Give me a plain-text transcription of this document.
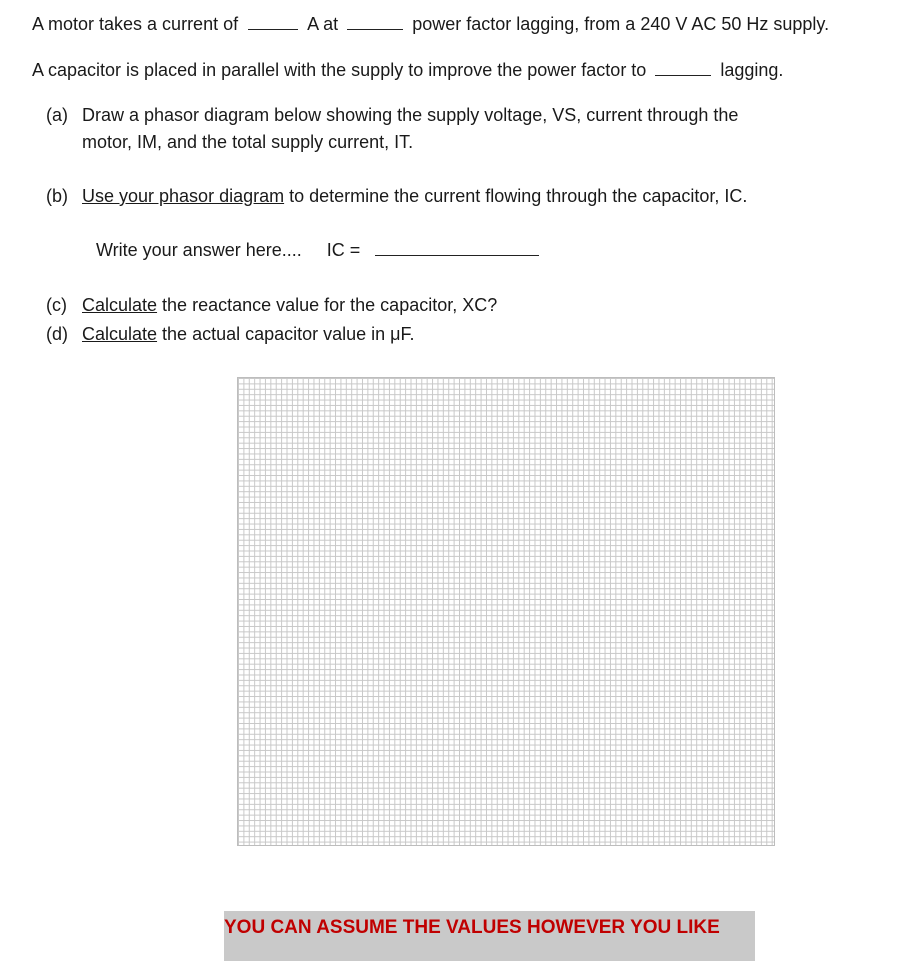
A motor takes a current of	A at	power factor lagging, from a 240 V AC 50 Hz supply.
A capacitor is placed in parallel with the supply to improve the power factor to	lagging.
(a) Draw a phasor diagram below showing the supply voltage, VS, current through the
motor, IM, and the total supply current, IT.
(b) Use your phasor diagram to determine the current flowing through the capacitor, IC.
Write your answer here.... IC =
(c) Calculate the reactance value for the capacitor, XC?
(d) Calculate the actual capacitor value in μF.
YOU CAN ASSUME THE VALUES HOWEVER YOU LIKE
